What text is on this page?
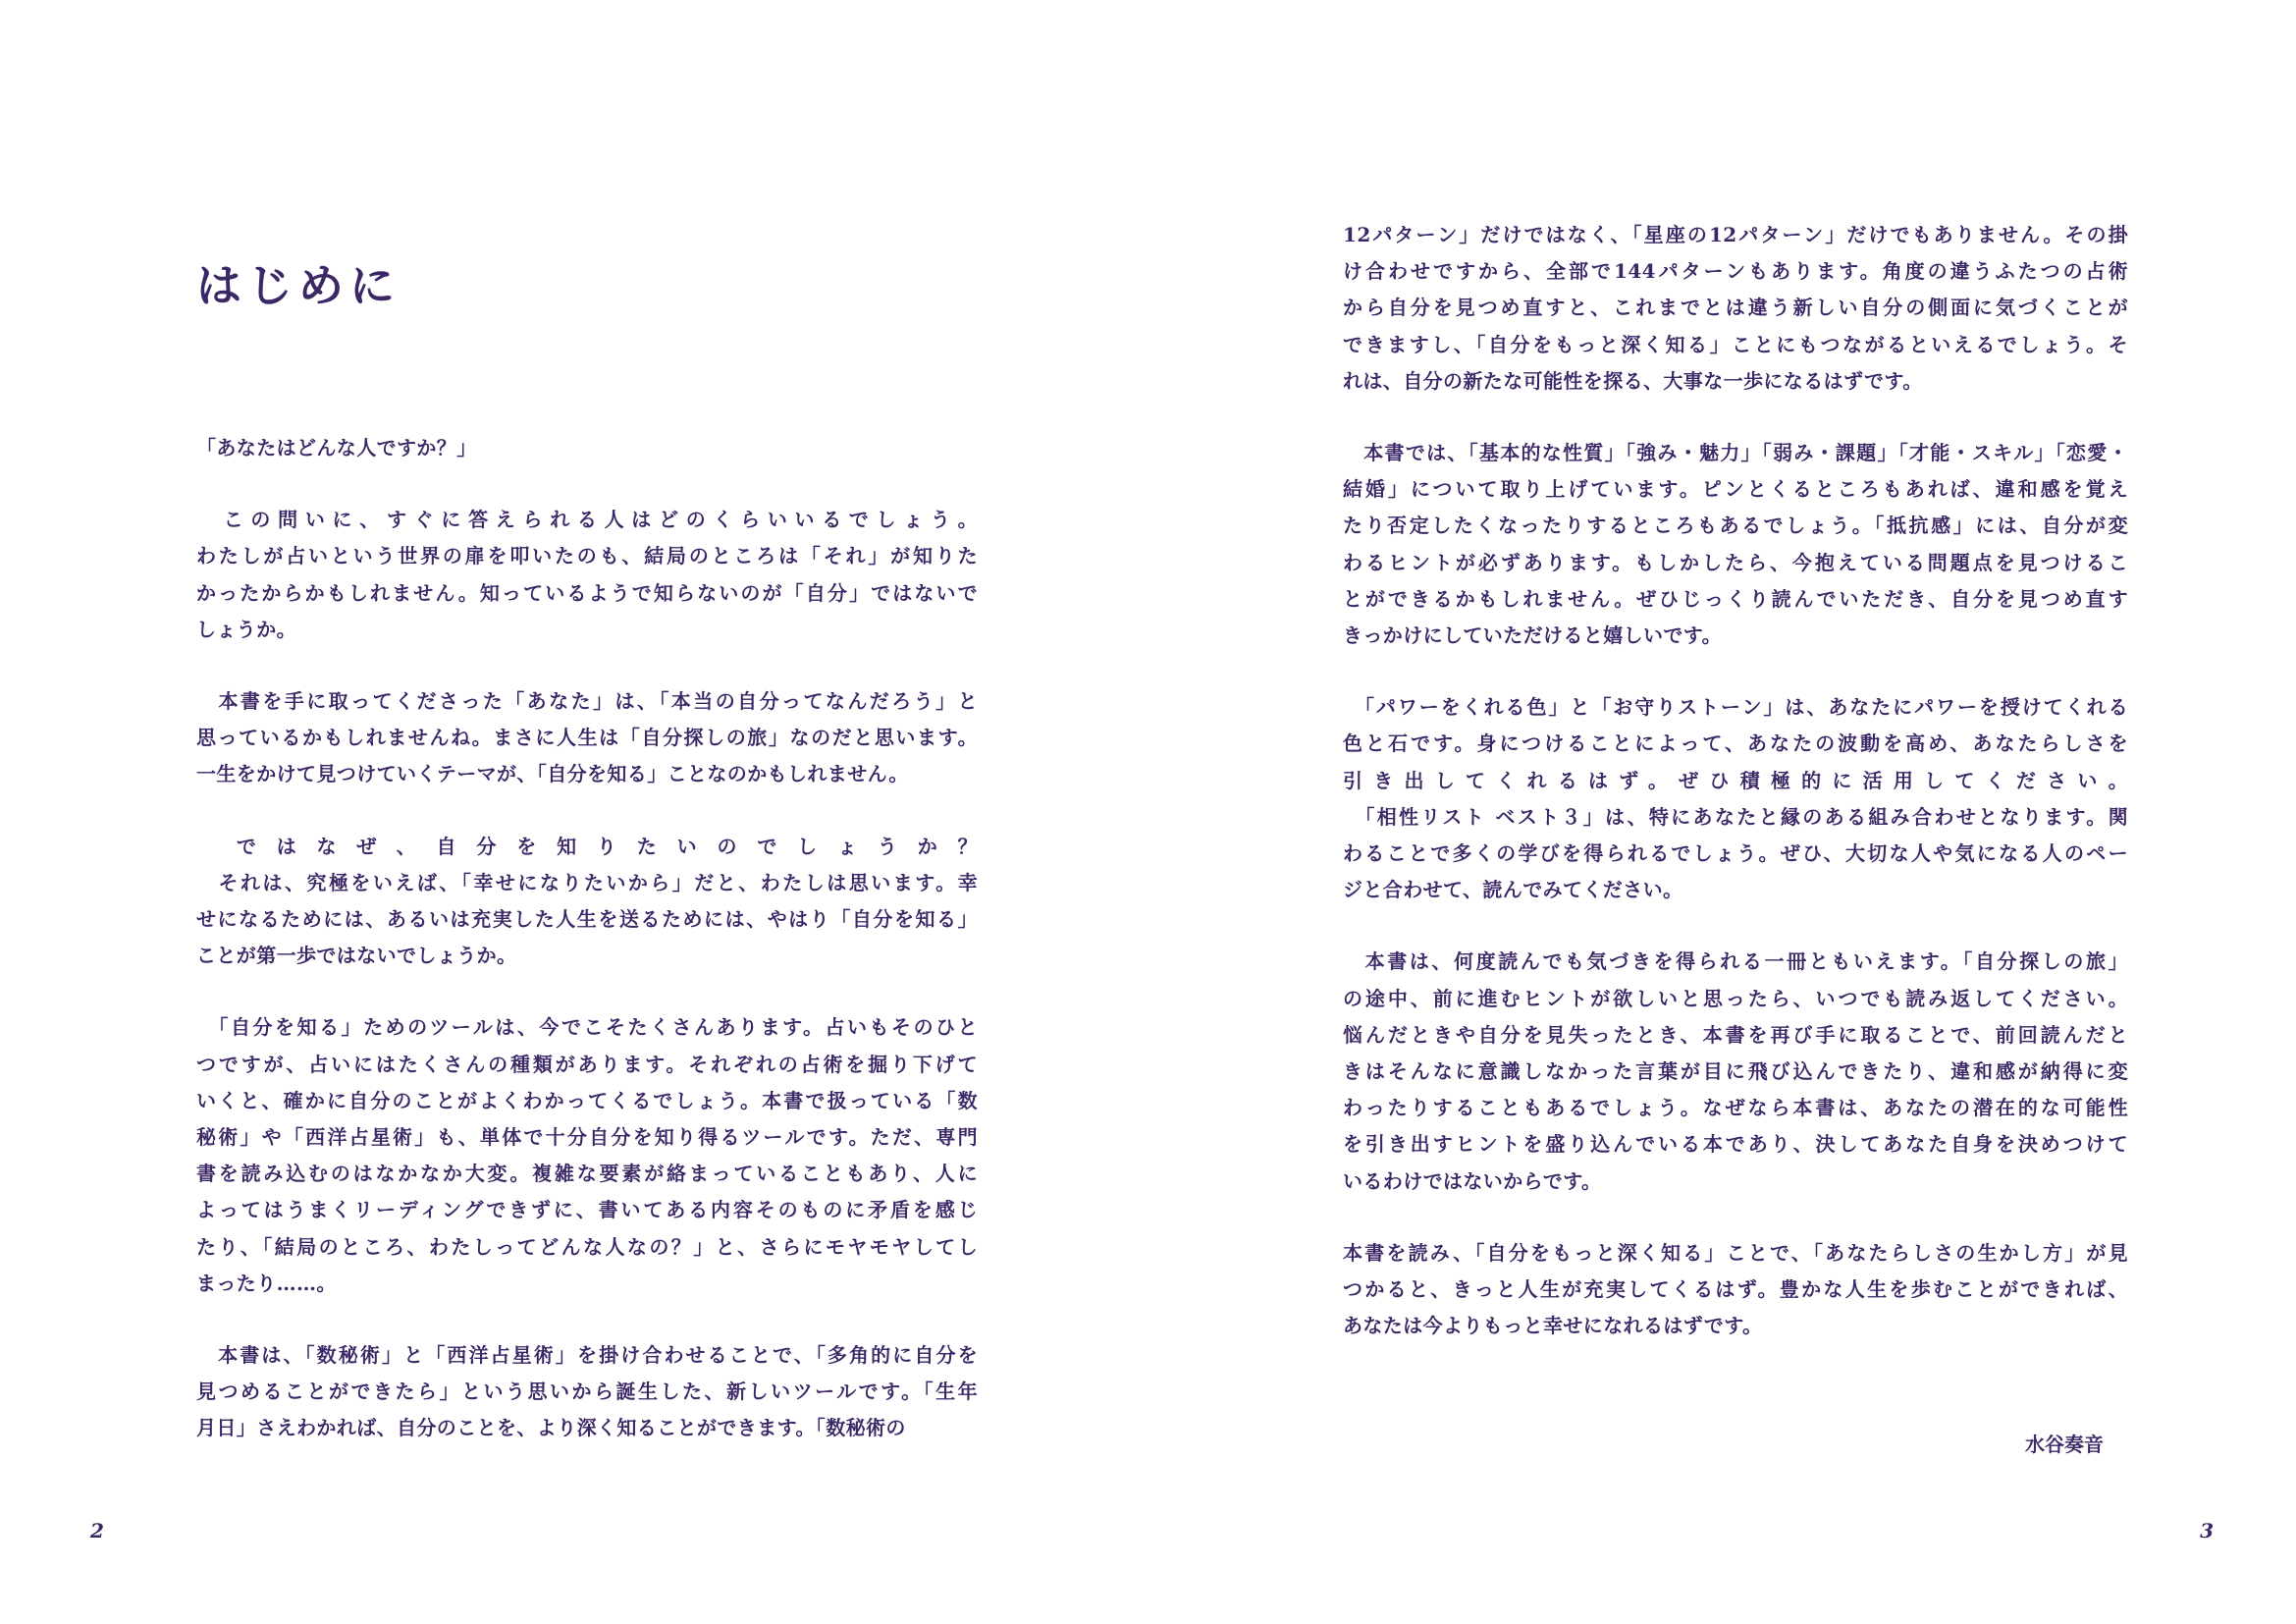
はじめに
「あなたはどんな人ですか？」
　この問いに、すぐに答えられる人はどのくらいいるでしょう。
わたしが占いという世界の扉を叩いたのも、結局のところは「それ」が知りた
かったからかもしれません。知っているようで知らないのが「自分」ではないで
しょうか。
　本書を手に取ってくださった「あなた」は、「本当の自分ってなんだろう」と
思っているかもしれませんね。まさに人生は「自分探しの旅」なのだと思います。
一生をかけて見つけていくテーマが、「自分を知る」ことなのかもしれません。
　ではなぜ、自分を知りたいのでしょうか？
　それは、究極をいえば、「幸せになりたいから」だと、わたしは思います。幸
せになるためには、あるいは充実した人生を送るためには、やはり「自分を知る」
ことが第一歩ではないでしょうか。
　「自分を知る」ためのツールは、今でこそたくさんあります。占いもそのひと
つですが、占いにはたくさんの種類があります。それぞれの占術を掘り下げて
いくと、確かに自分のことがよくわかってくるでしょう。本書で扱っている「数
秘術」や「西洋占星術」も、単体で十分自分を知り得るツールです。ただ、専門
書を読み込むのはなかなか大変。複雑な要素が絡まっていることもあり、人に
よってはうまくリーディングできずに、書いてある内容そのものに矛盾を感じ
たり、「結局のところ、わたしってどんな人なの？」と、さらにモヤモヤしてし
まったり……。
　本書は、「数秘術」と「西洋占星術」を掛け合わせることで、「多角的に自分を
見つめることができたら」という思いから誕生した、新しいツールです。「生年
月日」さえわかれば、自分のことを、より深く知ることができます。「数秘術の
2
12パターン」だけではなく、「星座の12パターン」だけでもありません。その掛
け合わせですから、全部で144パターンもあります。角度の違うふたつの占術
から自分を見つめ直すと、これまでとは違う新しい自分の側面に気づくことが
できますし、「自分をもっと深く知る」ことにもつながるといえるでしょう。そ
れは、自分の新たな可能性を探る、大事な一歩になるはずです。
　本書では、「基本的な性質」「強み・魅力」「弱み・課題」「才能・スキル」「恋愛・
結婚」について取り上げています。ピンとくるところもあれば、違和感を覚え
たり否定したくなったりするところもあるでしょう。「抵抗感」には、自分が変
わるヒントが必ずあります。もしかしたら、今抱えている問題点を見つけるこ
とができるかもしれません。ぜひじっくり読んでいただき、自分を見つめ直す
きっかけにしていただけると嬉しいです。
　「パワーをくれる色」と「お守りストーン」は、あなたにパワーを授けてくれる
色と石です。身につけることによって、あなたの波動を高め、あなたらしさを
引き出してくれるはず。ぜひ積極的に活用してください。
　「相性リスト ベスト３」は、特にあなたと縁のある組み合わせとなります。関
わることで多くの学びを得られるでしょう。ぜひ、大切な人や気になる人のペー
ジと合わせて、読んでみてください。
　本書は、何度読んでも気づきを得られる一冊ともいえます。「自分探しの旅」
の途中、前に進むヒントが欲しいと思ったら、いつでも読み返してください。
悩んだときや自分を見失ったとき、本書を再び手に取ることで、前回読んだと
きはそんなに意識しなかった言葉が目に飛び込んできたり、違和感が納得に変
わったりすることもあるでしょう。なぜなら本書は、あなたの潜在的な可能性
を引き出すヒントを盛り込んでいる本であり、決してあなた自身を決めつけて
いるわけではないからです。
本書を読み、「自分をもっと深く知る」ことで、「あなたらしさの生かし方」が見
つかると、きっと人生が充実してくるはず。豊かな人生を歩むことができれば、
あなたは今よりもっと幸せになれるはずです。
水谷奏音
3
